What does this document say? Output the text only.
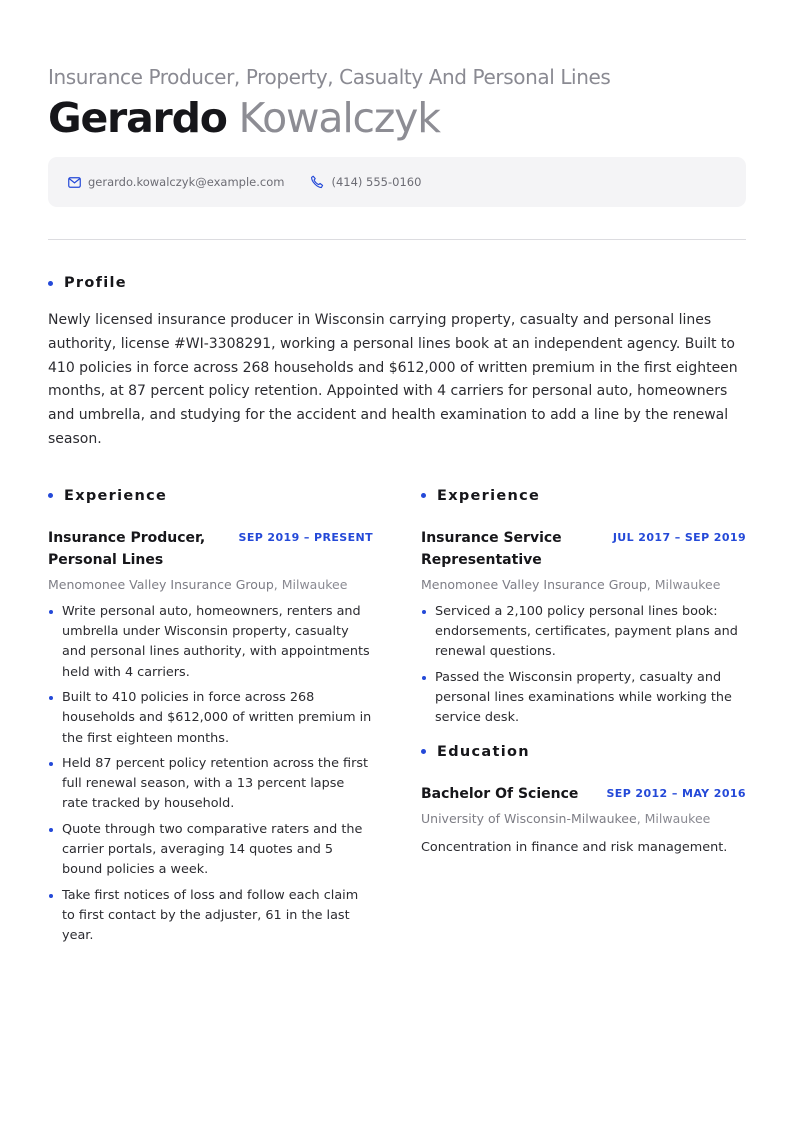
Insurance Producer, Property, Casualty And Personal Lines
Gerardo Kowalczyk
gerardo.kowalczyk@example.com	(414) 555-0160
Profile
Newly licensed insurance producer in Wisconsin carrying property, casualty and personal lines authority, license #WI-3308291, working a personal lines book at an independent agency. Built to 410 policies in force across 268 households and $612,000 of written premium in the first eighteen months, at 87 percent policy retention. Appointed with 4 carriers for personal auto, homeowners and umbrella, and studying for the accident and health examination to add a line by the renewal season.
Experience
Insurance Producer, Personal Lines
SEP 2019 – PRESENT
Menomonee Valley Insurance Group, Milwaukee
Write personal auto, homeowners, renters and umbrella under Wisconsin property, casualty and personal lines authority, with appointments held with 4 carriers.
Built to 410 policies in force across 268 households and $612,000 of written premium in the first eighteen months.
Held 87 percent policy retention across the first full renewal season, with a 13 percent lapse rate tracked by household.
Quote through two comparative raters and the carrier portals, averaging 14 quotes and 5 bound policies a week.
Take first notices of loss and follow each claim to first contact by the adjuster, 61 in the last year.
Experience
Insurance Service Representative
JUL 2017 – SEP 2019
Menomonee Valley Insurance Group, Milwaukee
Serviced a 2,100 policy personal lines book: endorsements, certificates, payment plans and renewal questions.
Passed the Wisconsin property, casualty and personal lines examinations while working the service desk.
Education
Bachelor Of Science	SEP 2012 – MAY 2016
University of Wisconsin-Milwaukee, Milwaukee
Concentration in finance and risk management.
